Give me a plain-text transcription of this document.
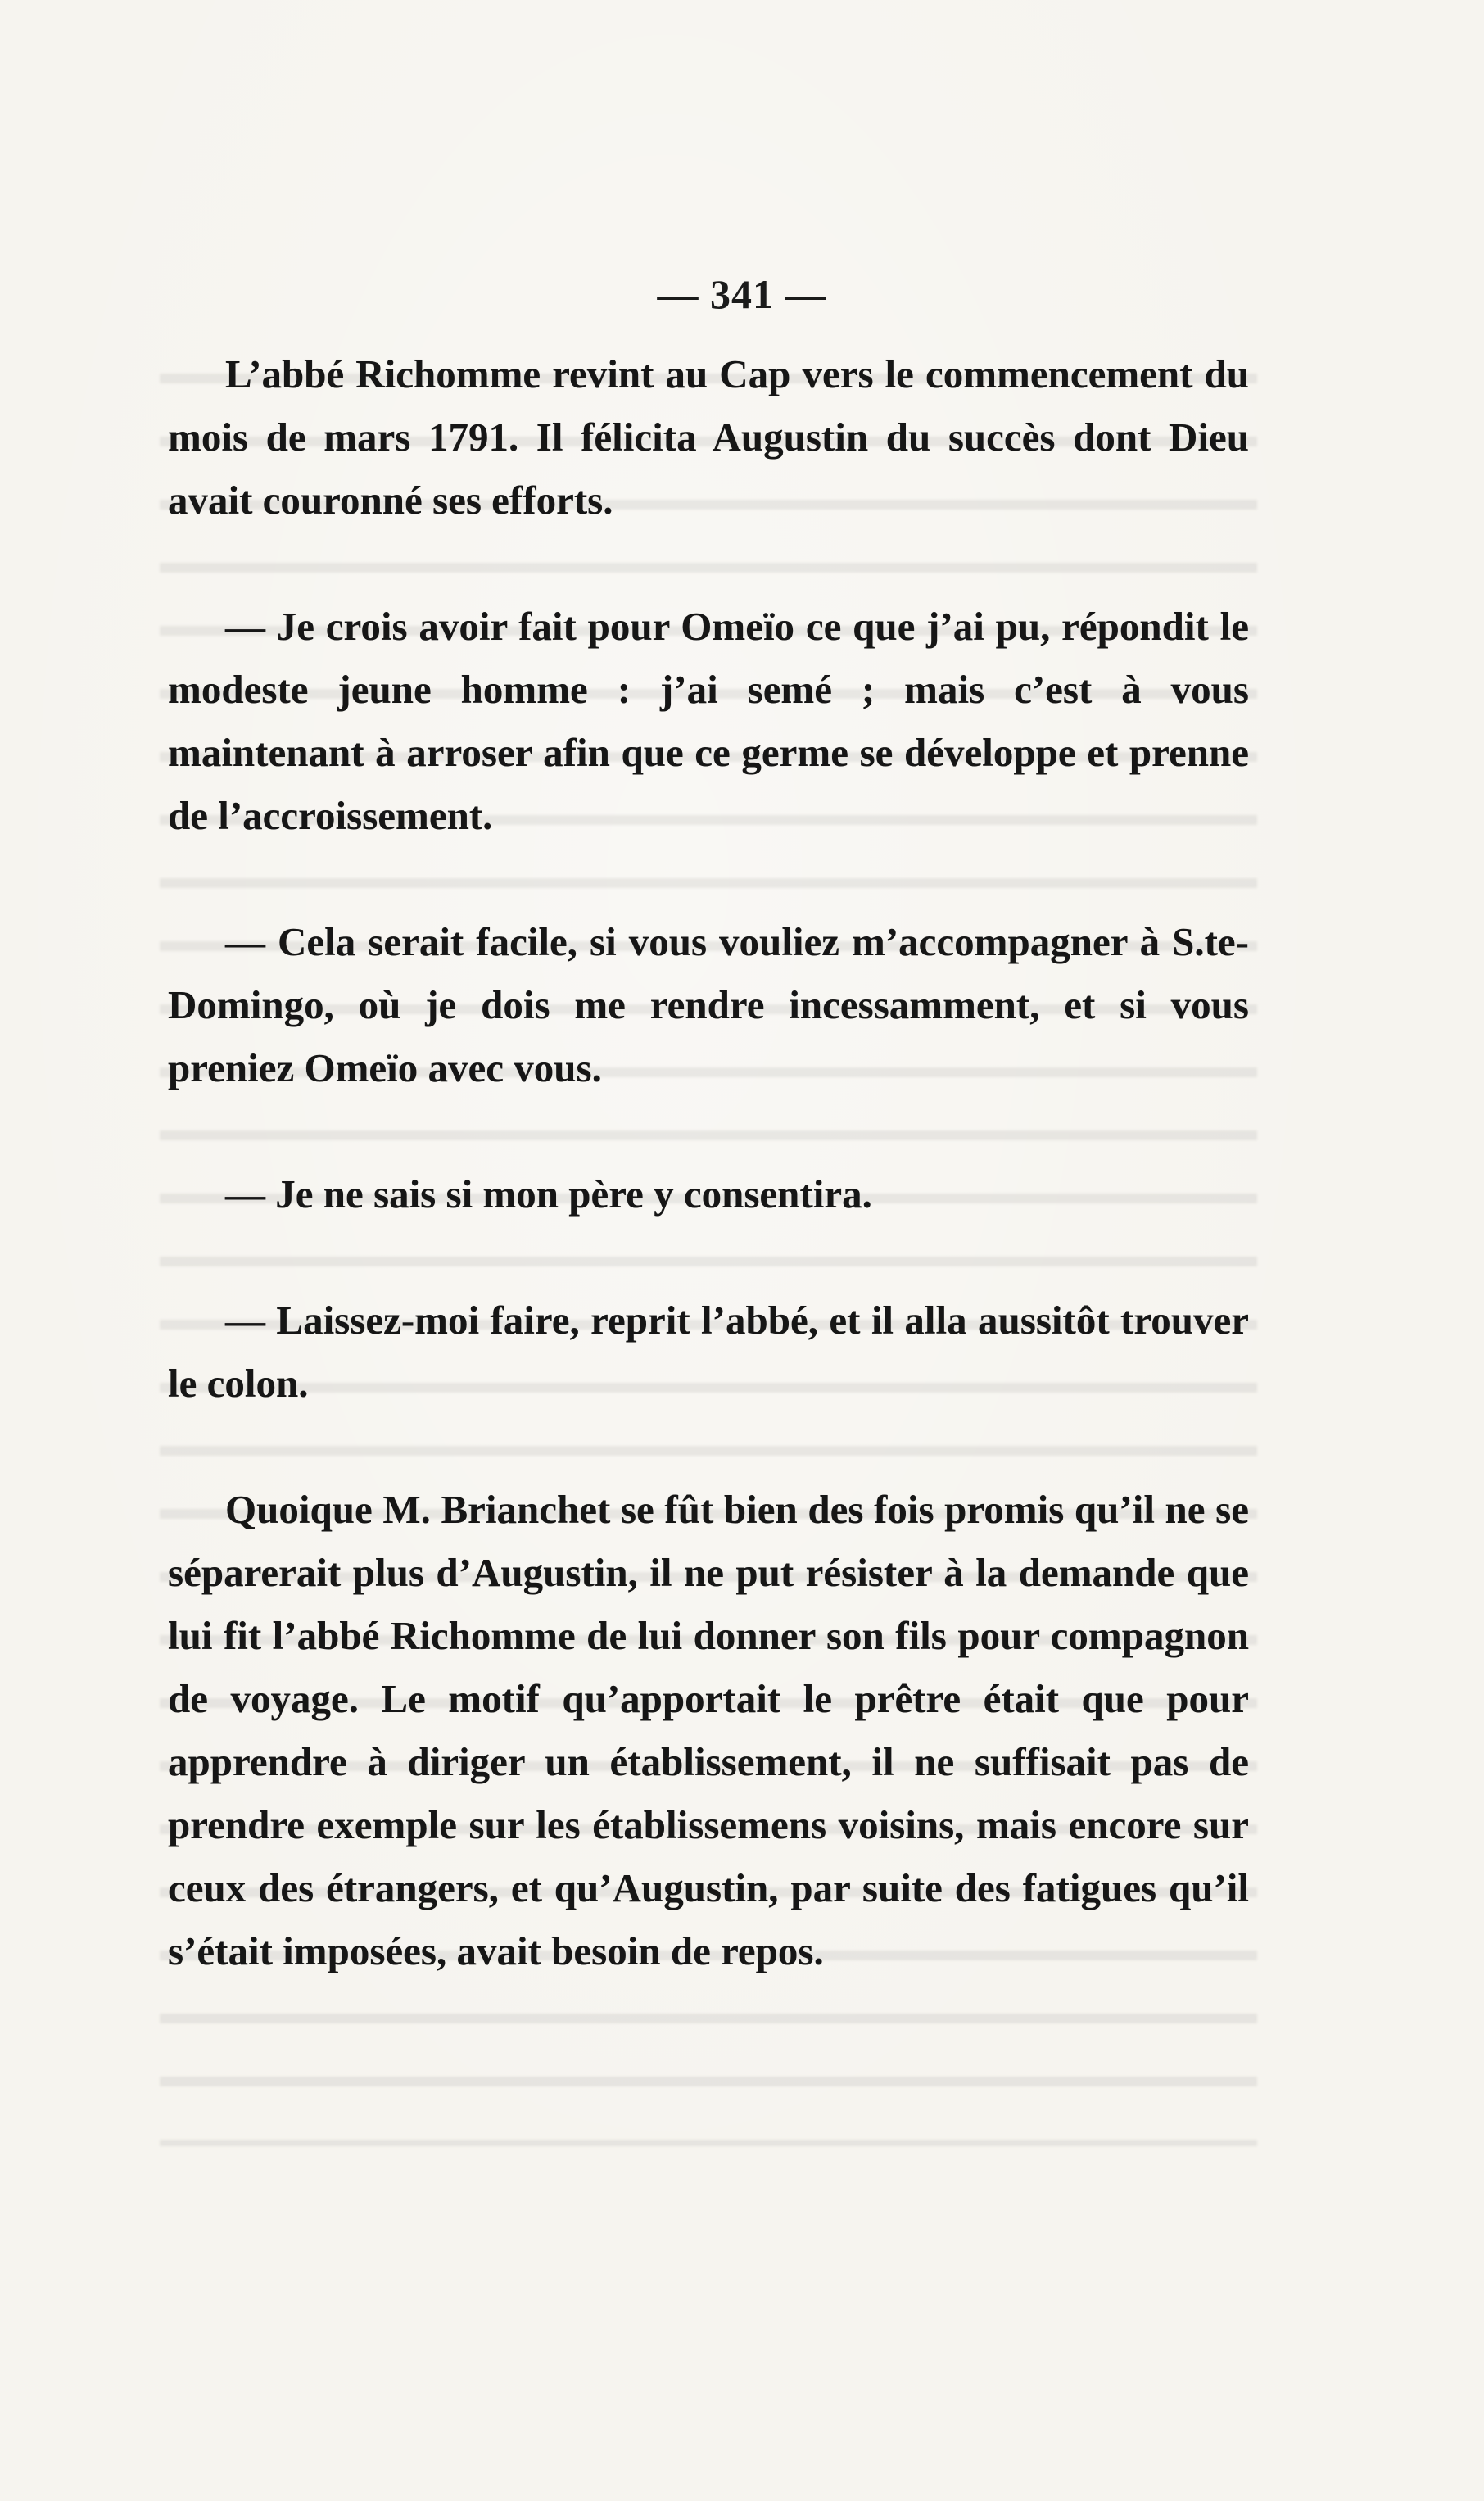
— 341 —

L’abbé Richomme revint au Cap vers le commencement du mois de mars 1791. Il félicita Augustin du succès dont Dieu avait couronné ses efforts.

— Je crois avoir fait pour Omeïo ce que j’ai pu, répondit le modeste jeune homme : j’ai semé ; mais c’est à vous maintenant à arroser afin que ce germe se développe et prenne de l’accroissement.

— Cela serait facile, si vous vouliez m’accompagner à S.te-Domingo, où je dois me rendre incessamment, et si vous preniez Omeïo avec vous.

— Je ne sais si mon père y consentira.

— Laissez-moi faire, reprit l’abbé, et il alla aussitôt trouver le colon.

Quoique M. Brianchet se fût bien des fois promis qu’il ne se séparerait plus d’Augustin, il ne put résister à la demande que lui fit l’abbé Richomme de lui donner son fils pour compagnon de voyage. Le motif qu’apportait le prêtre était que pour apprendre à diriger un établissement, il ne suffisait pas de prendre exemple sur les établissemens voisins, mais encore sur ceux des étrangers, et qu’Augustin, par suite des fatigues qu’il s’était imposées, avait besoin de repos.
